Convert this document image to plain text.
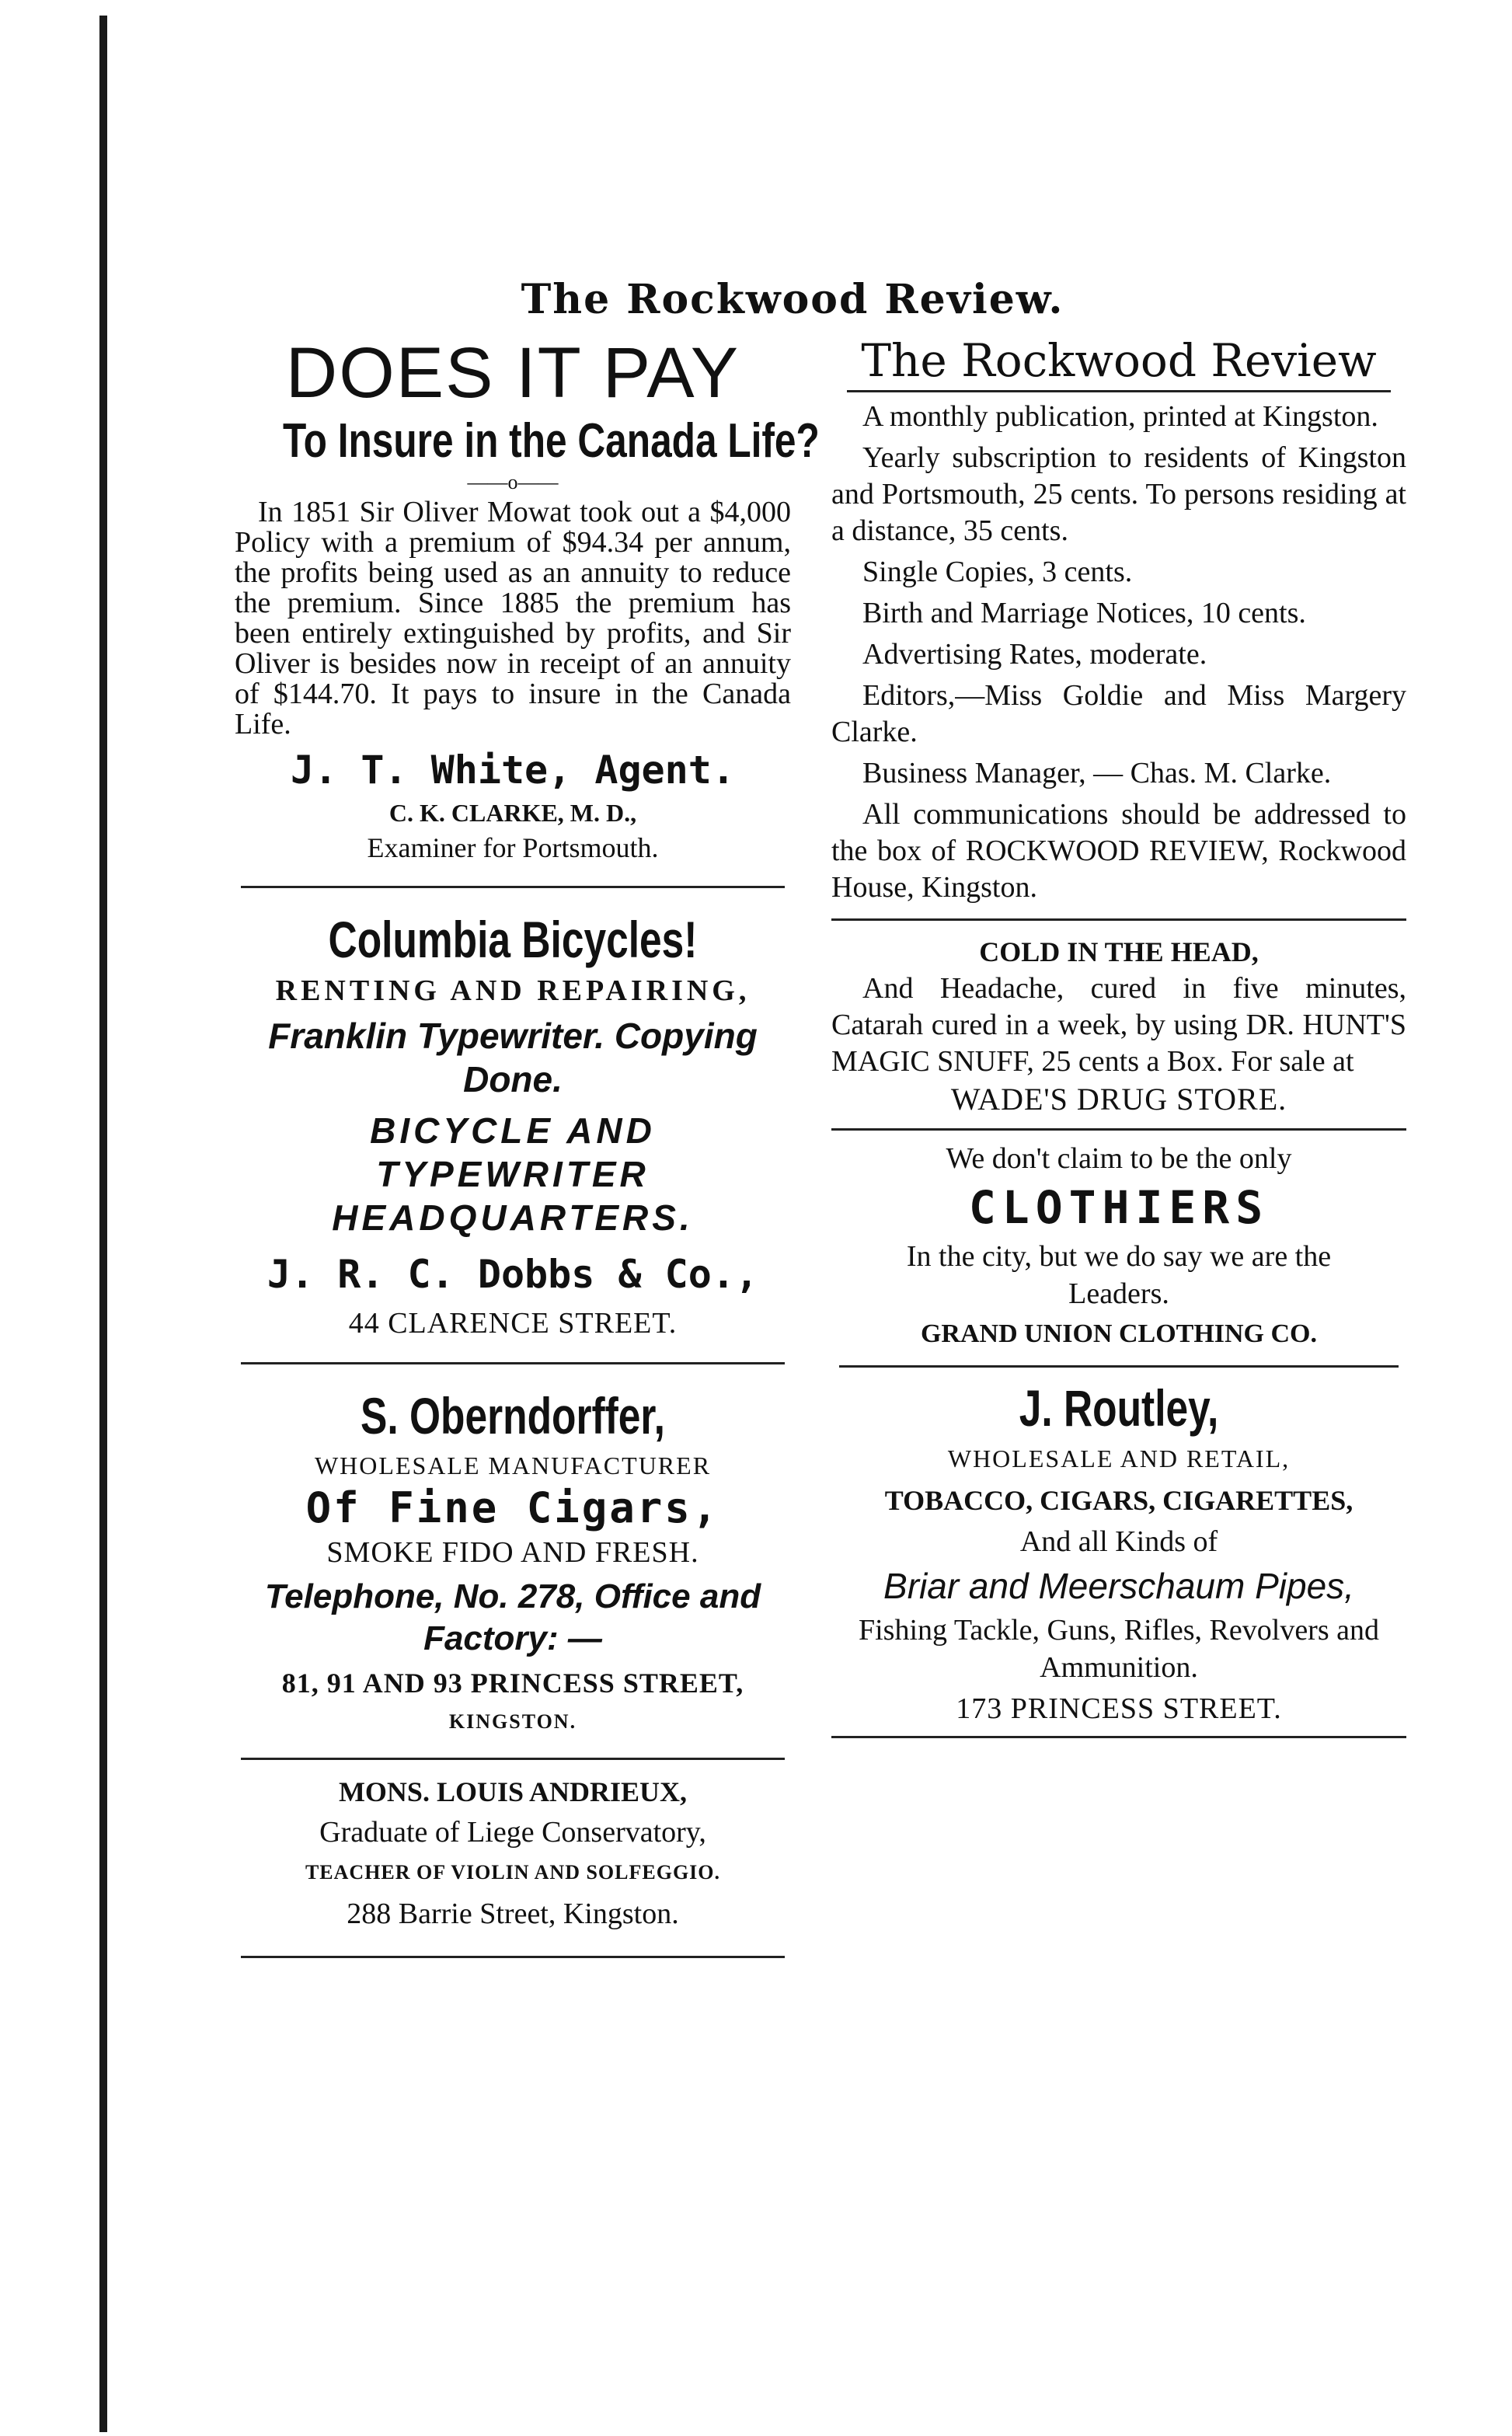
The Rockwood Review.
DOES IT PAY
To Insure in the Canada Life?
——o——
In 1851 Sir Oliver Mowat took out a $4,000 Policy with a premium of $94.34 per annum, the profits being used as an annuity to reduce the premium. Since 1885 the premium has been entirely extinguished by profits, and Sir Oliver is besides now in receipt of an annuity of $144.70. It pays to insure in the Canada Life.
J. T. White, Agent.
C. K. CLARKE, M. D.,
Examiner for Portsmouth.
Columbia Bicycles!
RENTING AND REPAIRING,
Franklin Typewriter. Copying Done.
BICYCLE AND TYPEWRITER HEADQUARTERS.
J. R. C. Dobbs & Co.,
44 CLARENCE STREET.
S. Oberndorffer,
WHOLESALE MANUFACTURER
Of Fine Cigars,
SMOKE FIDO AND FRESH.
Telephone, No. 278, Office and Factory: —
81, 91 AND 93 PRINCESS STREET,
KINGSTON.
MONS. LOUIS ANDRIEUX,
Graduate of Liege Conservatory,
TEACHER OF VIOLIN AND SOLFEGGIO.
288 Barrie Street, Kingston.
The Rockwood Review
A monthly publication, printed at Kingston.
Yearly subscription to residents of Kingston and Portsmouth, 25 cents. To persons residing at a distance, 35 cents.
Single Copies, 3 cents.
Birth and Marriage Notices, 10 cents.
Advertising Rates, moderate.
Editors,—Miss Goldie and Miss Margery Clarke.
Business Manager, — Chas. M. Clarke.
All communications should be addressed to the box of ROCKWOOD REVIEW, Rockwood House, Kingston.
COLD IN THE HEAD,
And Headache, cured in five minutes, Catarah cured in a week, by using DR. HUNT'S MAGIC SNUFF, 25 cents a Box. For sale at
WADE'S DRUG STORE.
We don't claim to be the only
CLOTHIERS
In the city, but we do say we are the Leaders.
GRAND UNION CLOTHING CO.
J. Routley,
WHOLESALE AND RETAIL,
TOBACCO, CIGARS, CIGARETTES,
And all Kinds of
Briar and Meerschaum Pipes,
Fishing Tackle, Guns, Rifles, Revolvers and Ammunition.
173 PRINCESS STREET.
